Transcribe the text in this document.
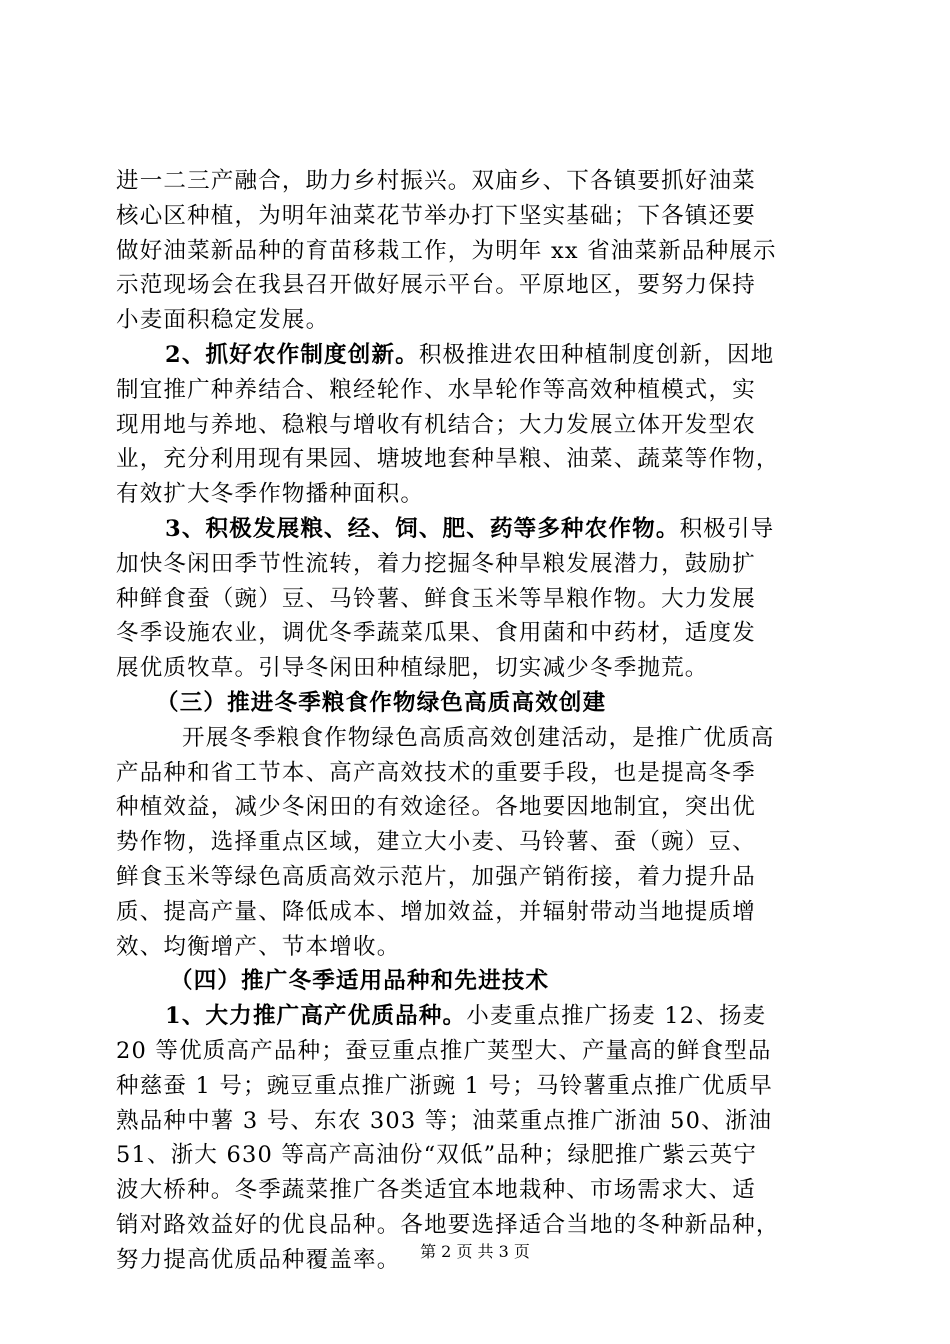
进一二三产融合，助力乡村振兴。双庙乡、下各镇要抓好油菜
核心区种植，为明年油菜花节举办打下坚实基础；下各镇还要
做好油菜新品种的育苗移栽工作，为明年 xx 省油菜新品种展示
示范现场会在我县召开做好展示平台。平原地区，要努力保持
小麦面积稳定发展。
2、抓好农作制度创新。积极推进农田种植制度创新，因地
制宜推广种养结合、粮经轮作、水旱轮作等高效种植模式，实
现用地与养地、稳粮与增收有机结合；大力发展立体开发型农
业，充分利用现有果园、塘坡地套种旱粮、油菜、蔬菜等作物，
有效扩大冬季作物播种面积。
3、积极发展粮、经、饲、肥、药等多种农作物。积极引导
加快冬闲田季节性流转，着力挖掘冬种旱粮发展潜力，鼓励扩
种鲜食蚕（豌）豆、马铃薯、鲜食玉米等旱粮作物。大力发展
冬季设施农业，调优冬季蔬菜瓜果、食用菌和中药材，适度发
展优质牧草。引导冬闲田种植绿肥，切实减少冬季抛荒。
（三）推进冬季粮食作物绿色高质高效创建
开展冬季粮食作物绿色高质高效创建活动，是推广优质高
产品种和省工节本、高产高效技术的重要手段，也是提高冬季
种植效益，减少冬闲田的有效途径。各地要因地制宜，突出优
势作物，选择重点区域，建立大小麦、马铃薯、蚕（豌）豆、
鲜食玉米等绿色高质高效示范片，加强产销衔接，着力提升品
质、提高产量、降低成本、增加效益，并辐射带动当地提质增
效、均衡增产、节本增收。
（四）推广冬季适用品种和先进技术
1、大力推广高产优质品种。小麦重点推广扬麦 12、扬麦
20 等优质高产品种；蚕豆重点推广荚型大、产量高的鲜食型品
种慈蚕 1 号；豌豆重点推广浙豌 1 号；马铃薯重点推广优质早
熟品种中薯 3 号、东农 303 等；油菜重点推广浙油 50、浙油
51、浙大 630 等高产高油份“双低”品种；绿肥推广紫云英宁
波大桥种。冬季蔬菜推广各类适宜本地栽种、市场需求大、适
销对路效益好的优良品种。各地要选择适合当地的冬种新品种，
努力提高优质品种覆盖率。	第 2 页 共 3 页
